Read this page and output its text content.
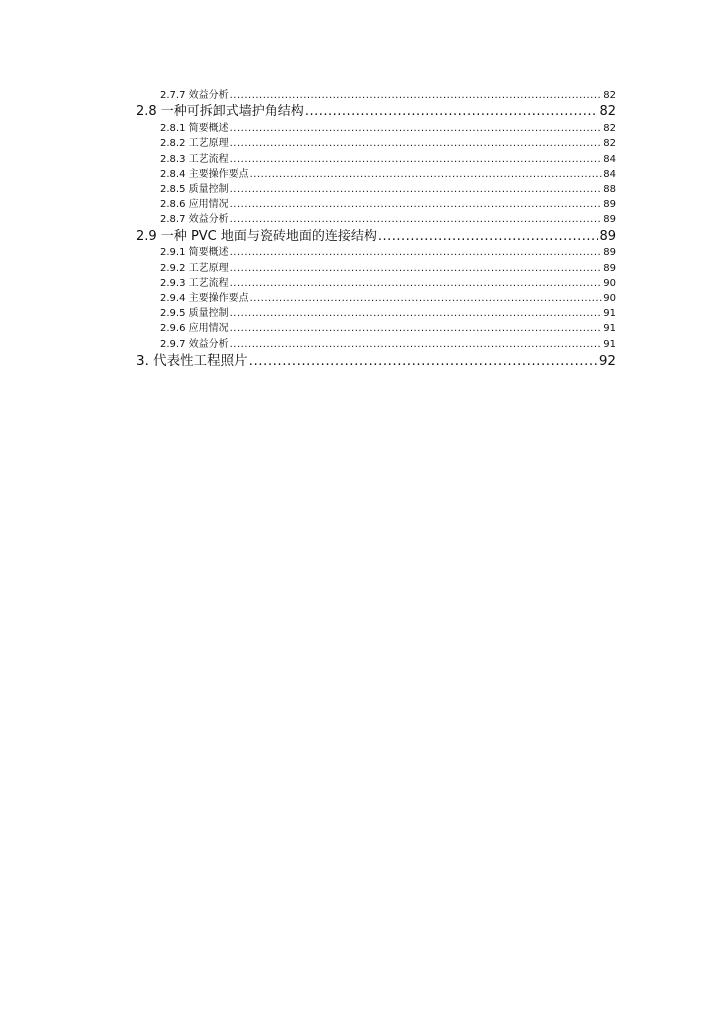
2.7.7 效益分析 .....	82
2.8 一种可拆卸式墙护角结构 .....	82
2.8.1 简要概述 .....	82
2.8.2 工艺原理 .....	82
2.8.3 工艺流程 .....	84
2.8.4 主要操作要点 .....	84
2.8.5 质量控制 .....	88
2.8.6 应用情况 .....	89
2.8.7 效益分析 .....	89
2.9 一种 PVC 地面与瓷砖地面的连接结构 .....	89
2.9.1 简要概述 .....	89
2.9.2 工艺原理 .....	89
2.9.3 工艺流程 .....	90
2.9.4 主要操作要点 .....	90
2.9.5 质量控制 .....	91
2.9.6 应用情况 .....	91
2.9.7 效益分析 .....	91
3. 代表性工程照片 .....	92
